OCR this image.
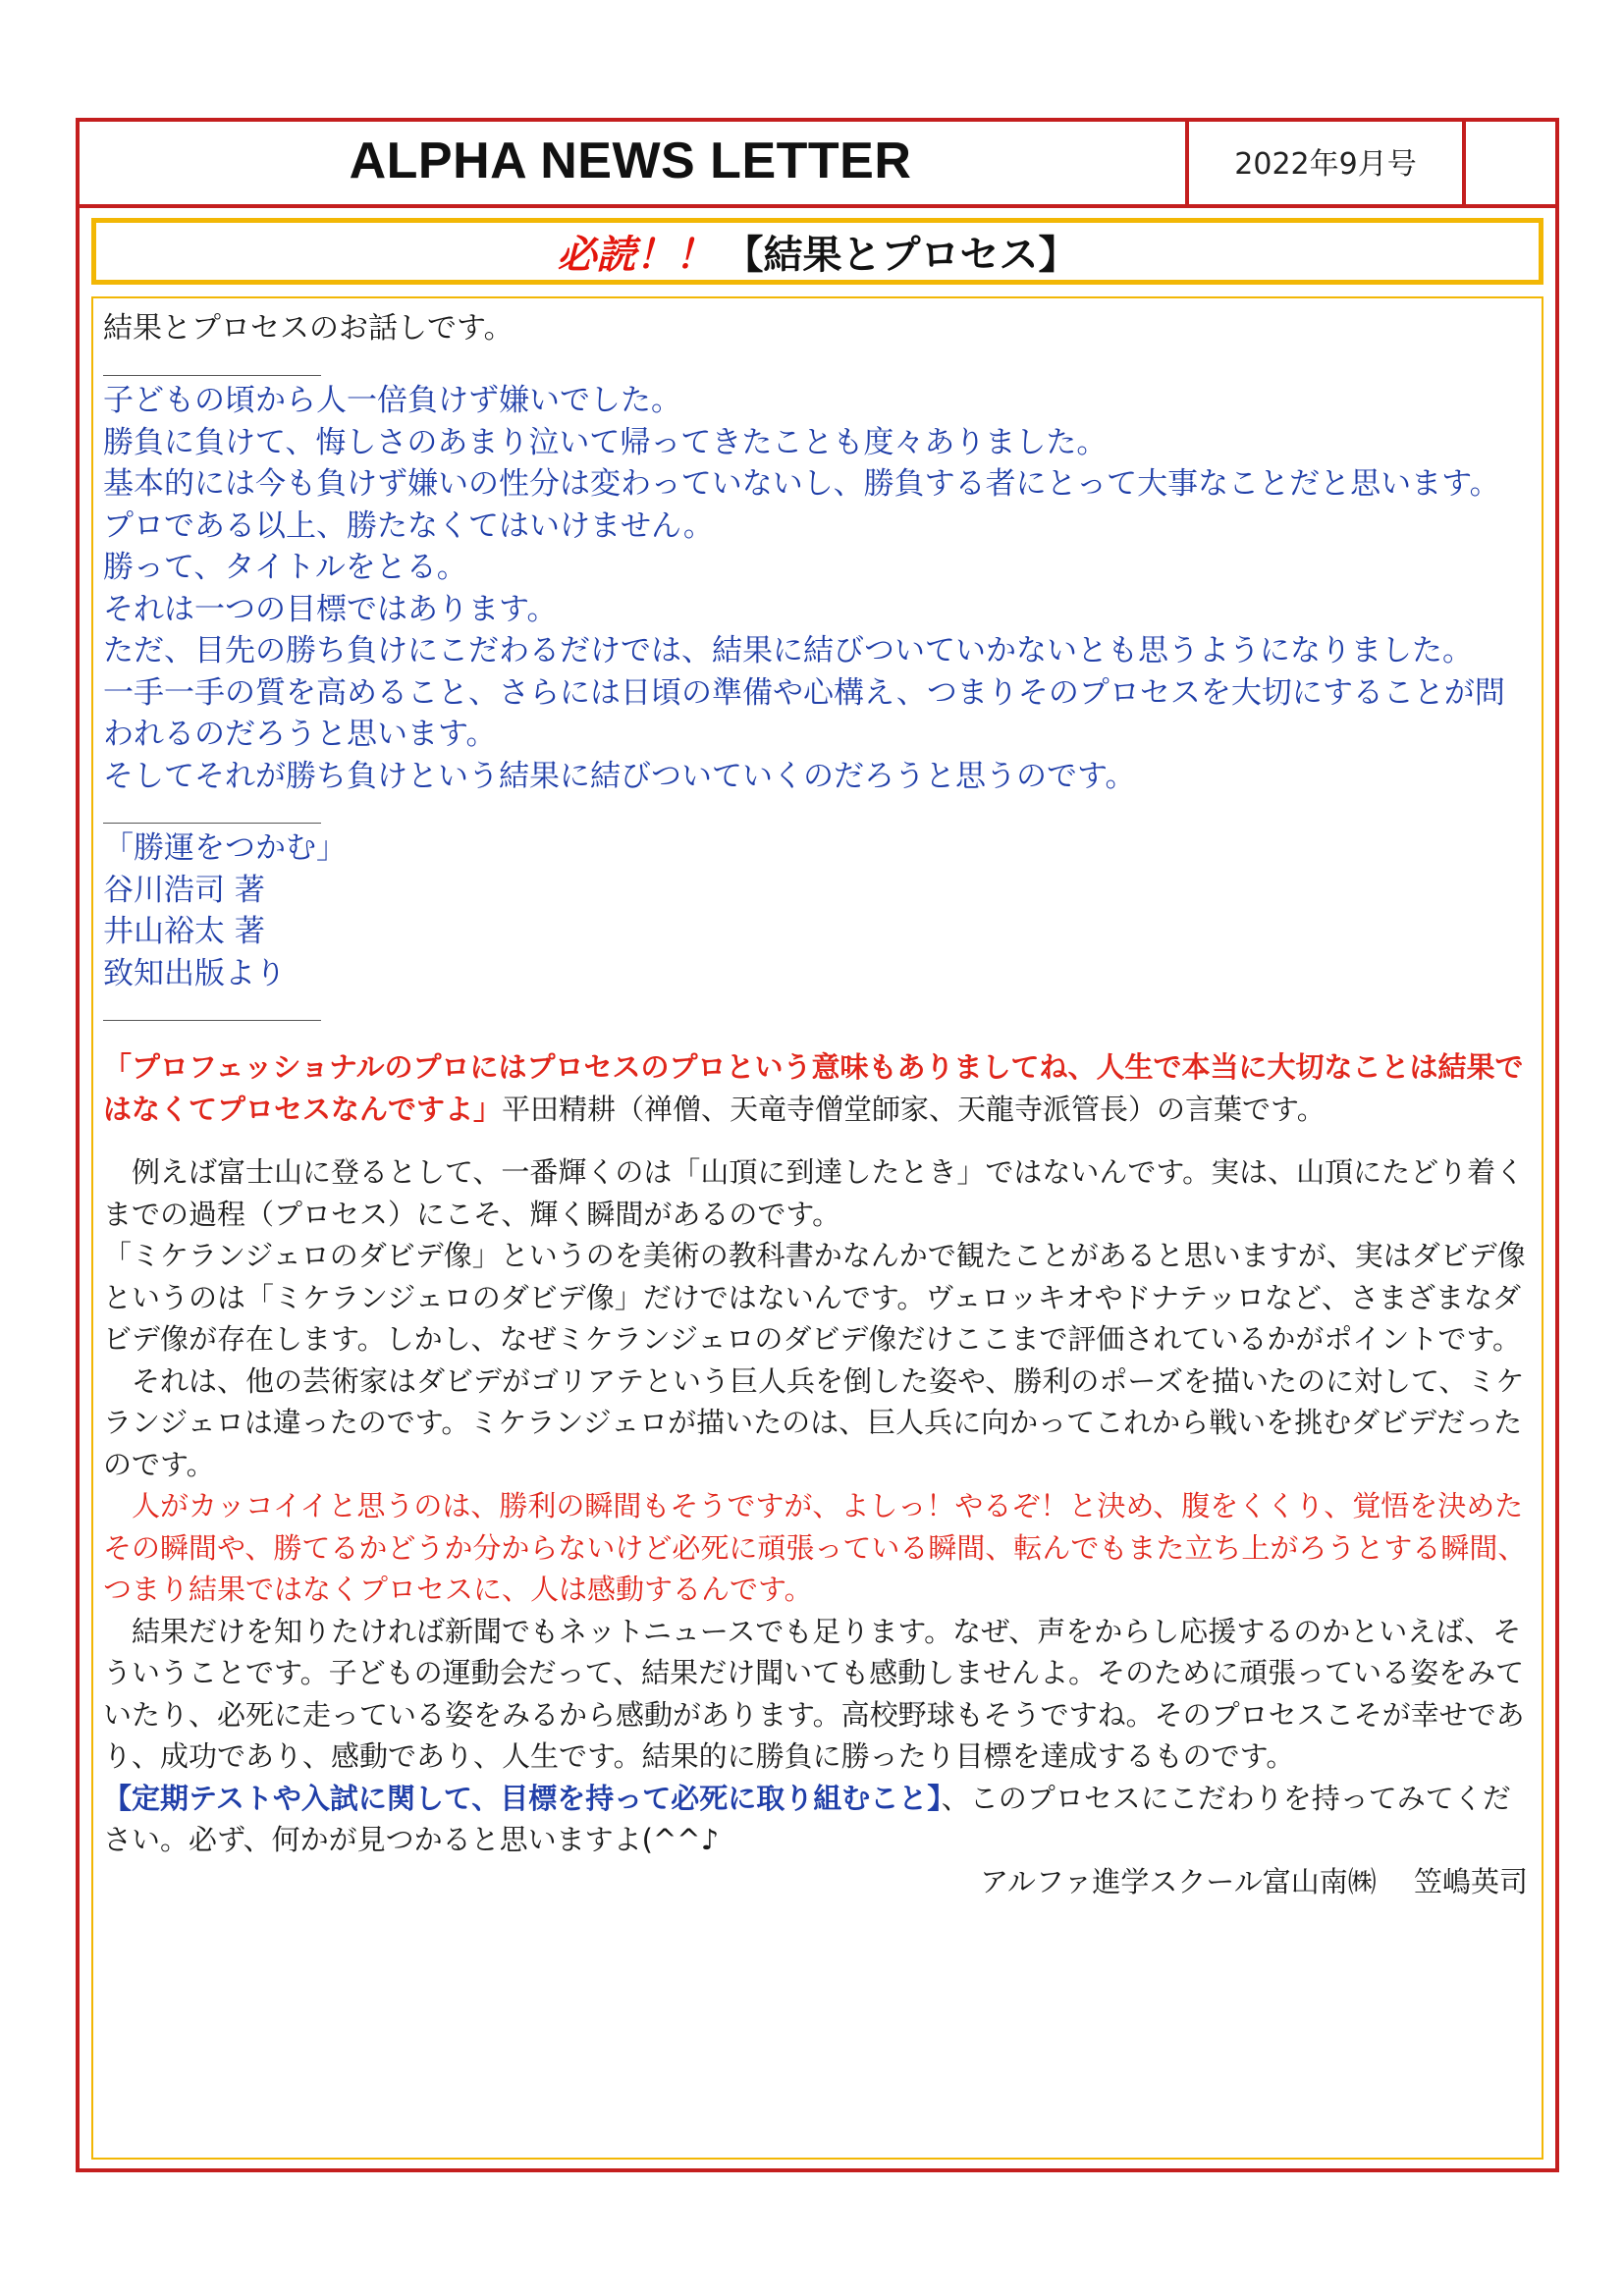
ALPHA NEWS LETTER	2022年9月号
必読！！ 【結果とプロセス】
結果とプロセスのお話しです。

子どもの頃から人一倍負けず嫌いでした。

勝負に負けて、悔しさのあまり泣いて帰ってきたことも度々ありました。

基本的には今も負けず嫌いの性分は変わっていないし、勝負する者にとって大事なことだと思います。

プロである以上、勝たなくてはいけません。

勝って、タイトルをとる。

それは一つの目標ではあります。

ただ、目先の勝ち負けにこだわるだけでは、結果に結びついていかないとも思うようになりました。

一手一手の質を高めること、さらには日頃の準備や心構え、つまりそのプロセスを大切にすることが問われるのだろうと思います。

そしてそれが勝ち負けという結果に結びついていくのだろうと思うのです。

「勝運をつかむ」

谷川浩司 著

井山裕太 著

致知出版より

「プロフェッショナルのプロにはプロセスのプロという意味もありましてね、人生で本当に大切なことは結果ではなくてプロセスなんですよ」平田精耕（禅僧、天竜寺僧堂師家、天龍寺派管長）の言葉です。

　例えば富士山に登るとして、一番輝くのは「山頂に到達したとき」ではないんです。実は、山頂にたどり着くまでの過程（プロセス）にこそ、輝く瞬間があるのです。

「ミケランジェロのダビデ像」というのを美術の教科書かなんかで観たことがあると思いますが、実はダビデ像というのは「ミケランジェロのダビデ像」だけではないんです。ヴェロッキオやドナテッロなど、さまざまなダビデ像が存在します。しかし、なぜミケランジェロのダビデ像だけここまで評価されているかがポイントです。

　それは、他の芸術家はダビデがゴリアテという巨人兵を倒した姿や、勝利のポーズを描いたのに対して、ミケランジェロは違ったのです。ミケランジェロが描いたのは、巨人兵に向かってこれから戦いを挑むダビデだったのです。

　人がカッコイイと思うのは、勝利の瞬間もそうですが、よしっ！やるぞ！と決め、腹をくくり、覚悟を決めたその瞬間や、勝てるかどうか分からないけど必死に頑張っている瞬間、転んでもまた立ち上がろうとする瞬間、つまり結果ではなくプロセスに、人は感動するんです。

　結果だけを知りたければ新聞でもネットニュースでも足ります。なぜ、声をからし応援するのかといえば、そういうことです。子どもの運動会だって、結果だけ聞いても感動しませんよ。そのために頑張っている姿をみていたり、必死に走っている姿をみるから感動があります。高校野球もそうですね。そのプロセスこそが幸せであり、成功であり、感動であり、人生です。結果的に勝負に勝ったり目標を達成するものです。

【定期テストや入試に関して、目標を持って必死に取り組むこと】、このプロセスにこだわりを持ってみてください。必ず、何かが見つかると思いますよ(^^♪

アルファ進学スクール富山南㈱　 笠嶋英司
